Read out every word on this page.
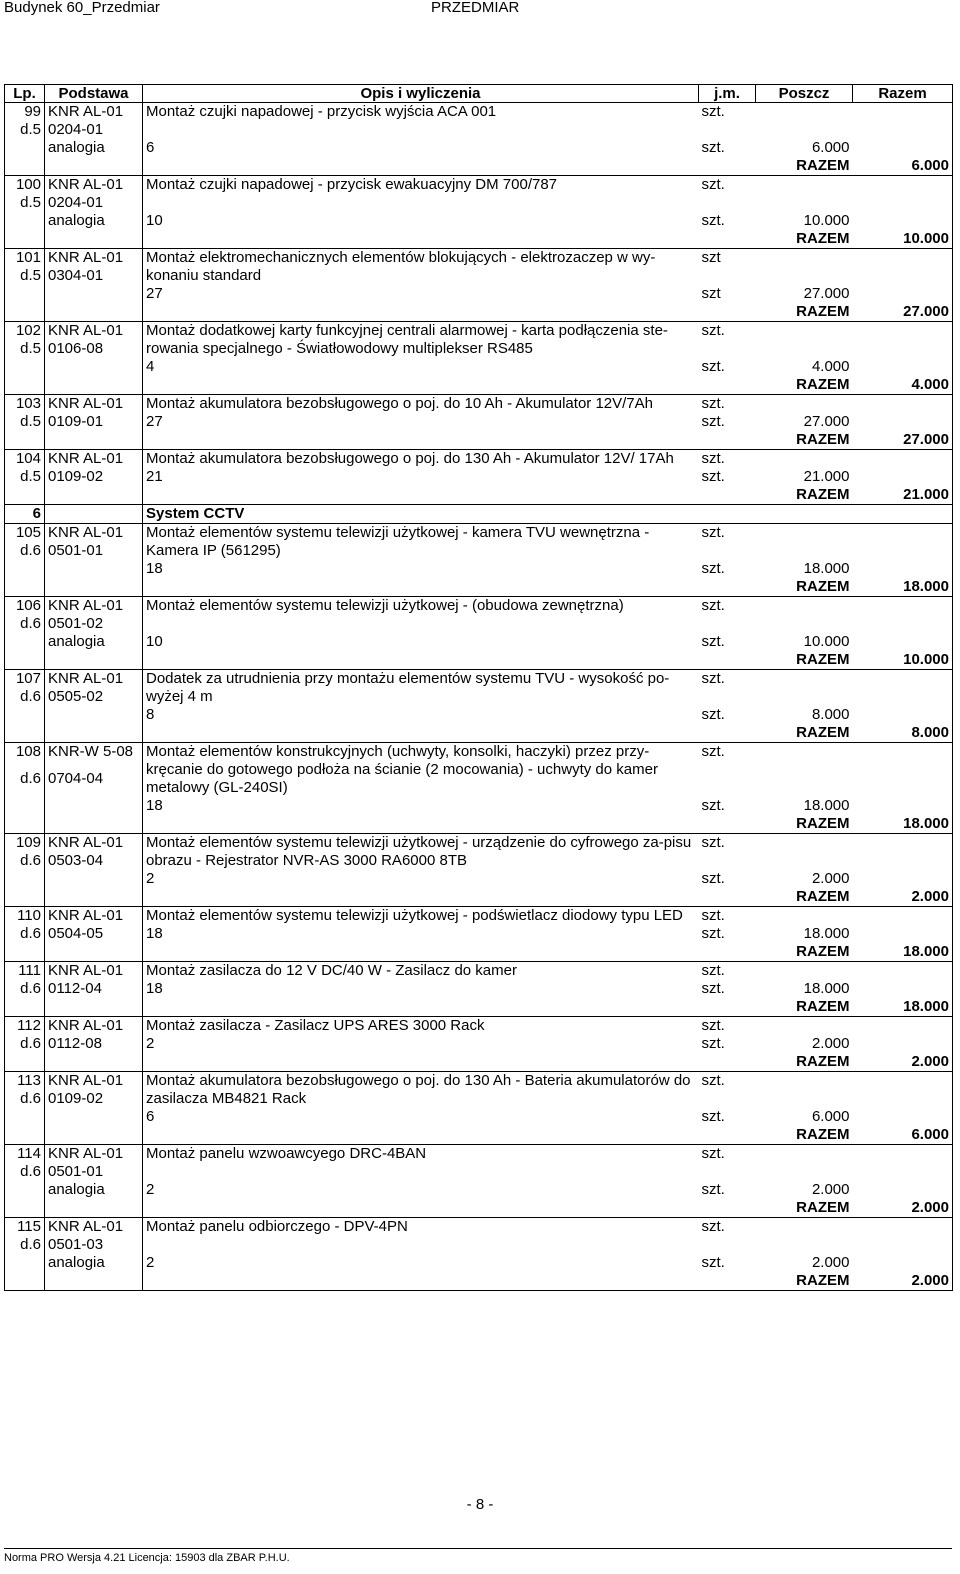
Budynek 60_Przedmiar	PRZEDMIAR
Lp.	Podstawa	Opis i wyliczenia	j.m.	Poszcz	Razem
99	KNR AL-01	Montaż czujki napadowej - przycisk wyjścia ACA 001	szt.		
d.5	0204-01				
	analogia	6	szt.	6.000	
				RAZEM	6.000
100	KNR AL-01	Montaż czujki napadowej - przycisk ewakuacyjny DM 700/787	szt.		
d.5	0204-01				
	analogia	10	szt.	10.000	
				RAZEM	10.000
101	KNR AL-01	Montaż elektromechanicznych elementów blokujących - elektrozaczep w wy-konaniu standard	szt		
d.5	0304-01				
		27	szt	27.000	
				RAZEM	27.000
102	KNR AL-01	Montaż dodatkowej karty funkcyjnej centrali alarmowej - karta podłączenia ste-rowania specjalnego - Światłowodowy multiplekser RS485	szt.		
d.5	0106-08				
		4	szt.	4.000	
				RAZEM	4.000
103	KNR AL-01	Montaż akumulatora bezobsługowego o poj. do 10 Ah - Akumulator 12V/7Ah	szt.		
d.5	0109-01	27	szt.	27.000	
				RAZEM	27.000
104	KNR AL-01	Montaż akumulatora bezobsługowego o poj. do 130 Ah - Akumulator 12V/ 17Ah	szt.		
d.5	0109-02	21	szt.	21.000	
				RAZEM	21.000
6		System CCTV			
105	KNR AL-01	Montaż elementów systemu telewizji użytkowej - kamera TVU wewnętrzna - Kamera IP (561295)	szt.		
d.6	0501-01				
		18	szt.	18.000	
				RAZEM	18.000
106	KNR AL-01	Montaż elementów systemu telewizji użytkowej - (obudowa zewnętrzna)	szt.		
d.6	0501-02				
	analogia	10	szt.	10.000	
				RAZEM	10.000
107	KNR AL-01	Dodatek za utrudnienia przy montażu elementów systemu TVU - wysokość po-wyżej 4 m	szt.		
d.6	0505-02				
		8	szt.	8.000	
				RAZEM	8.000
108	KNR-W 5-08	Montaż elementów konstrukcyjnych (uchwyty, konsolki, haczyki) przez przy-kręcanie do gotowego podłoża na ścianie (2 mocowania) - uchwyty do kamer metalowy (GL-240SI)	szt.		
d.6	0704-04				

		18	szt.	18.000	
				RAZEM	18.000
109	KNR AL-01	Montaż elementów systemu telewizji użytkowej - urządzenie do cyfrowego za-pisu obrazu - Rejestrator NVR-AS 3000 RA6000 8TB	szt.		
d.6	0503-04				
		2	szt.	2.000	
				RAZEM	2.000
110	KNR AL-01	Montaż elementów systemu telewizji użytkowej - podświetlacz diodowy typu LED	szt.		
d.6	0504-05	18	szt.	18.000	
				RAZEM	18.000
111	KNR AL-01	Montaż zasilacza do 12 V DC/40 W - Zasilacz do kamer	szt.		
d.6	0112-04	18	szt.	18.000	
				RAZEM	18.000
112	KNR AL-01	Montaż zasilacza - Zasilacz UPS ARES 3000 Rack	szt.		
d.6	0112-08	2	szt.	2.000	
				RAZEM	2.000
113	KNR AL-01	Montaż akumulatora bezobsługowego o poj. do 130 Ah - Bateria akumulatorów do zasilacza MB4821 Rack	szt.		
d.6	0109-02				
		6	szt.	6.000	
				RAZEM	6.000
114	KNR AL-01	Montaż panelu wzwoawcyego DRC-4BAN	szt.		
d.6	0501-01				
	analogia	2	szt.	2.000	
				RAZEM	2.000
115	KNR AL-01	Montaż panelu odbiorczego - DPV-4PN	szt.		
d.6	0501-03				
	analogia	2	szt.	2.000	
				RAZEM	2.000
- 8 -
Norma PRO Wersja 4.21 Licencja: 15903 dla ZBAR P.H.U.
